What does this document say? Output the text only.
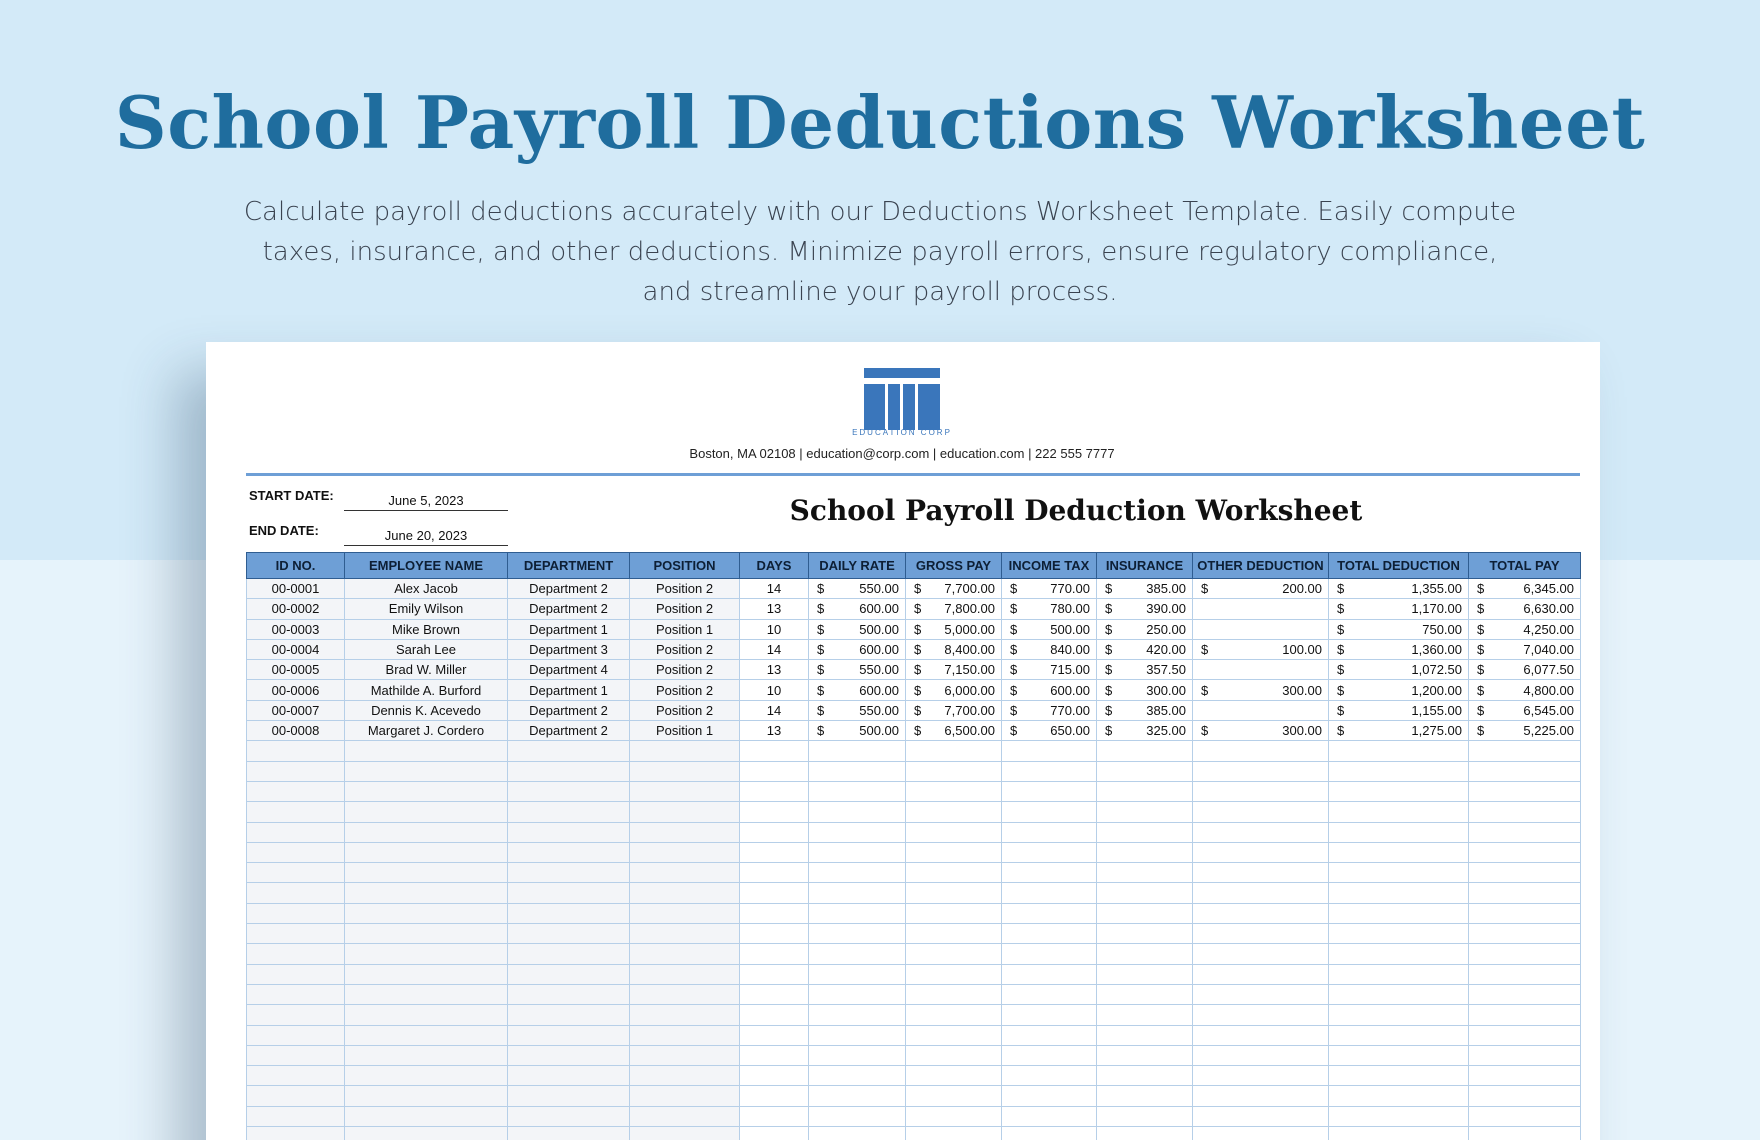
School Payroll Deductions Worksheet

Calculate payroll deductions accurately with our Deductions Worksheet Template. Easily compute taxes, insurance, and other deductions. Minimize payroll errors, ensure regulatory compliance, and streamline your payroll process.

EDUCATION CORP
Boston, MA 02108 | education@corp.com | education.com | 222 555 7777
START DATE:	June 5, 2023
END DATE:	June 20, 2023
School Payroll Deduction Worksheet
ID NO.	EMPLOYEE NAME	DEPARTMENT	POSITION	DAYS	DAILY RATE	GROSS PAY	INCOME TAX	INSURANCE	OTHER DEDUCTION	TOTAL DEDUCTION	TOTAL PAY
00-0001	Alex Jacob	Department 2	Position 2	14	$ 550.00	$ 7,700.00	$ 770.00	$ 385.00	$ 200.00	$ 1,355.00	$ 6,345.00

00-0002	Emily Wilson	Department 2	Position 2	13	$ 600.00	$ 7,800.00	$ 780.00	$ 390.00		$ 1,170.00	$ 6,630.00

00-0003	Mike Brown	Department 1	Position 1	10	$ 500.00	$ 5,000.00	$ 500.00	$ 250.00		$ 750.00	$ 4,250.00

00-0004	Sarah Lee	Department 3	Position 2	14	$ 600.00	$ 8,400.00	$ 840.00	$ 420.00	$ 100.00	$ 1,360.00	$ 7,040.00

00-0005	Brad W. Miller	Department 4	Position 2	13	$ 550.00	$ 7,150.00	$ 715.00	$ 357.50		$ 1,072.50	$ 6,077.50

00-0006	Mathilde A. Burford	Department 1	Position 2	10	$ 600.00	$ 6,000.00	$ 600.00	$ 300.00	$ 300.00	$ 1,200.00	$ 4,800.00

00-0007	Dennis K. Acevedo	Department 2	Position 2	14	$ 550.00	$ 7,700.00	$ 770.00	$ 385.00		$ 1,155.00	$ 6,545.00

00-0008	Margaret J. Cordero	Department 2	Position 1	13	$ 500.00	$ 6,500.00	$ 650.00	$ 325.00	$ 300.00	$ 1,275.00	$ 5,225.00
